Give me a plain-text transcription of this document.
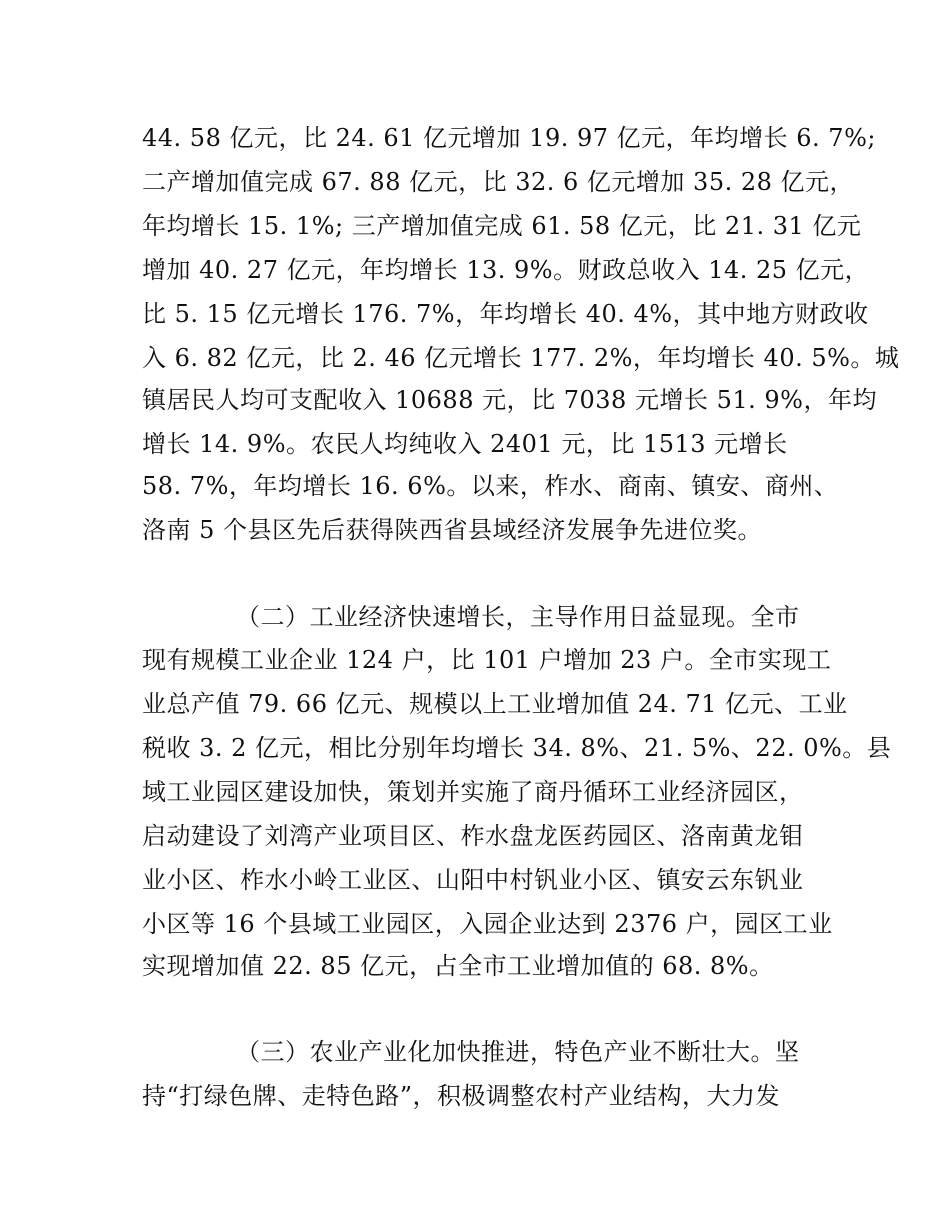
44. 58 亿元，比 24. 61 亿元增加 19. 97 亿元，年均增长 6. 7%;
二产增加值完成 67. 88 亿元，比 32. 6 亿元增加 35. 28 亿元，
年均增长 15. 1%; 三产增加值完成 61. 58 亿元，比 21. 31 亿元
增加 40. 27 亿元，年均增长 13. 9%。财政总收入 14. 25 亿元，
比 5. 15 亿元增长 176. 7%，年均增长 40. 4%，其中地方财政收
入 6. 82 亿元，比 2. 46 亿元增长 177. 2%，年均增长 40. 5%。城
镇居民人均可支配收入 10688 元，比 7038 元增长 51. 9%，年均
增长 14. 9%。农民人均纯收入 2401 元，比 1513 元增长
58. 7%，年均增长 16. 6%。以来，柞水、商南、镇安、商州、
洛南 5 个县区先后获得陕西省县域经济发展争先进位奖。
（二）工业经济快速增长，主导作用日益显现。全市
现有规模工业企业 124 户，比 101 户增加 23 户。全市实现工
业总产值 79. 66 亿元、规模以上工业增加值 24. 71 亿元、工业
税收 3. 2 亿元，相比分别年均增长 34. 8%、21. 5%、22. 0%。县
域工业园区建设加快，策划并实施了商丹循环工业经济园区，
启动建设了刘湾产业项目区、柞水盘龙医药园区、洛南黄龙钼
业小区、柞水小岭工业区、山阳中村钒业小区、镇安云东钒业
小区等 16 个县域工业园区，入园企业达到 2376 户，园区工业
实现增加值 22. 85 亿元，占全市工业增加值的 68. 8%。
（三）农业产业化加快推进，特色产业不断壮大。坚
持“打绿色牌、走特色路”，积极调整农村产业结构，大力发
